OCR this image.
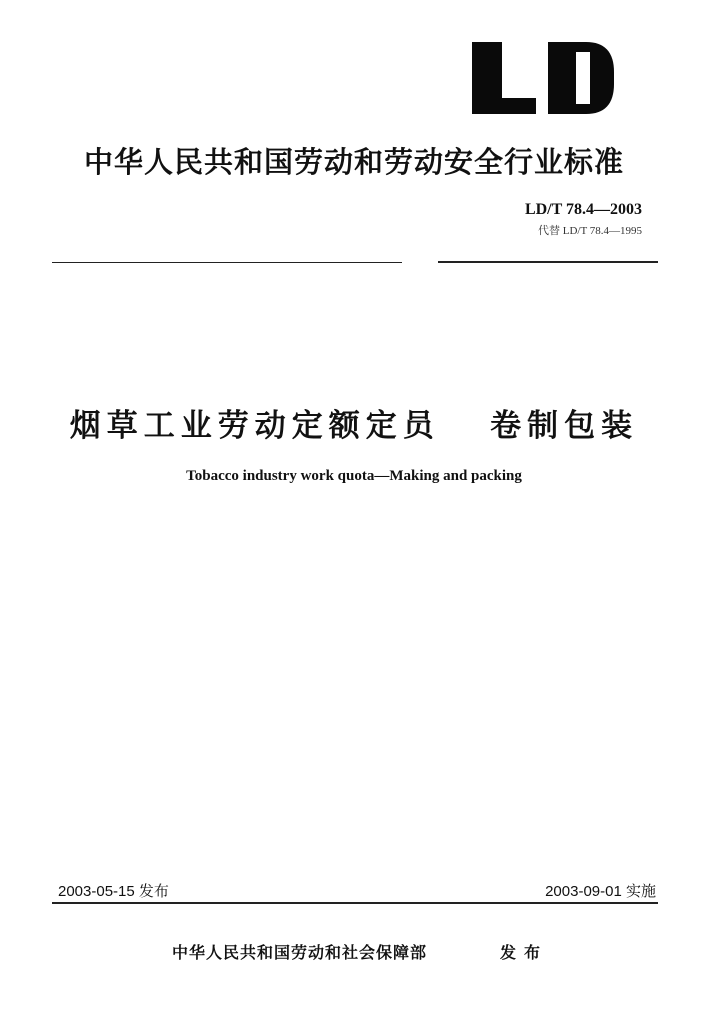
中华人民共和国劳动和劳动安全行业标准
LD/T 78.4—2003
代替 LD/T 78.4—1995
烟草工业劳动定额定员   卷制包装
Tobacco industry work quota—Making and packing
2003-05-15 发布	2003-09-01 实施
中华人民共和国劳动和社会保障部	发布
